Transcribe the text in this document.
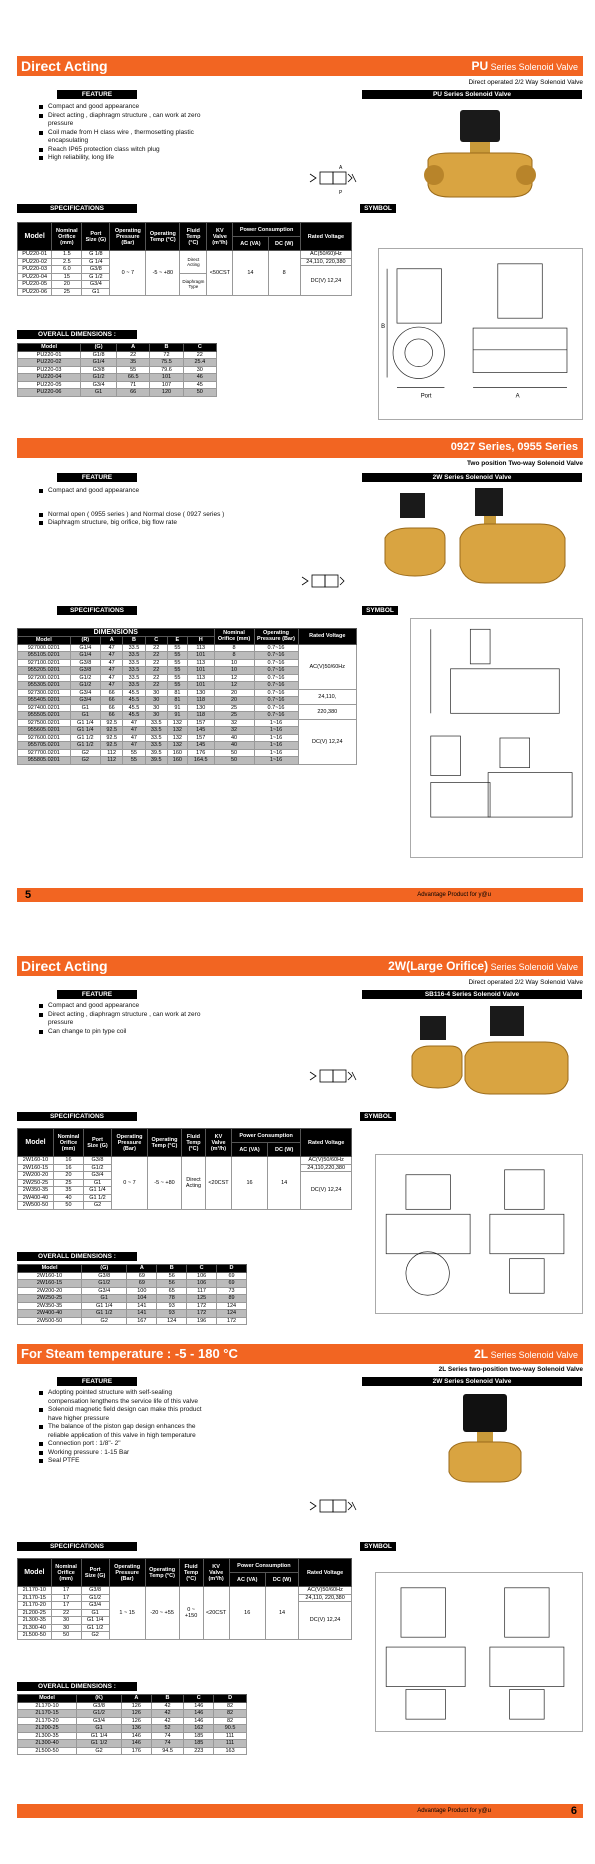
Direct Acting	PU Series Solenoid Valve
Direct operated 2/2 Way Solenoid Valve
FEATURE	PU Series Solenoid Valve
Compact and good appearance
Direct acting , diaphragm structure , can work at zero
pressure
Coil made from H class wire , thermosetting plastic
encapsulating
Reach IP65 protection class witch plug
High reliability, long life
A
P
SPECIFICATIONS	SYMBOL
Model	Nominal Orifice (mm)	Port Size (G)	Operating Pressure (Bar)	Operating Temp (°C)	Fluid Temp (°C)	KV Valve (m³/h)	Power Consumption		Rated Voltage
							AC (VA)	DC (W)	
PU220-01	1.5	G 1/8	0 ~ 7	-5 ~ +80	Direct Acting	<50CST	14	8	AC(50/60)Hz
PU220-02	2.5	G 1/4							24,110, 220,380
PU220-03	6.0	G3/8							DC(V) 12,24
PU220-04	15	G 1/2			Diaphragm Type				
PU220-05	20	G3/4							
PU220-06	25	G1							
OVERALL DIMENSIONS :
Model	(G)	A	B	C
PU220-01	G1/8	22	72	22
PU220-02	G1/4	35	75.5	25.4
PU220-03	G3/8	55	79.6	30
PU220-04	G1/2	66.5	101	46
PU220-05	G3/4	71	107	45
PU220-06	G1	66	120	50
Port	A
B
0927 Series, 0955 Series
Two position Two-way Solenoid Valve
FEATURE	2W Series Solenoid Valve
Compact and good appearance
Normal open ( 0955 series ) and Normal close ( 0927 series )
Diaphragm structure, big orifice, big flow rate
SPECIFICATIONS	SYMBOL
DIMENSIONS							Nominal Orifice (mm)	Operating Pressure (Bar)	Rated Voltage
Model	(R)	A	B	C	E	H			
927000.0201	G1/4	47	33.5	22	55	113	8	0.7~16	AC(V)50/60Hz
955105.0201	G1/4	47	33.5	22	55	101	8	0.7~16	
927100.0201	G3/8	47	33.5	22	55	113	10	0.7~16	
955205.0201	G3/8	47	33.5	22	55	101	10	0.7~16	
927200.0201	G1/2	47	33.5	22	55	113	12	0.7~16	
955305.0201	G1/2	47	33.5	22	55	101	12	0.7~16	
927300.0201	G3/4	66	45.5	30	81	130	20	0.7~16	24,110,
955405.0201	G3/4	66	45.5	30	81	118	20	0.7~16	
927400.0201	G1	66	45.5	30	91	130	25	0.7~16	220,380
955505.0201	G1	66	45.5	30	91	118	25	0.7~16	
927500.0201	G1 1/4	92.5	47	33.5	132	157	32	1~16	DC(V) 12,24
955605.0201	G1 1/4	92.5	47	33.5	132	145	32	1~16	
927600.0201	G1 1/2	92.5	47	33.5	132	157	40	1~16	
955705.0201	G1 1/2	92.5	47	33.5	132	145	40	1~16	
927700.0201	G2	112	55	39.5	160	176	50	1~16	
955805.0201	G2	112	55	39.5	160	164.5	50	1~16	
5	Advantage Product for y@u
Direct Acting	2W(Large Orifice) Series Solenoid Valve
Direct operated 2/2 Way Solenoid Valve
FEATURE	SB116-4 Series Solenoid Valve
Compact and good appearance
Direct acting , diaphragm structure , can work at zero
pressure
Can change to pin type coil
SPECIFICATIONS	SYMBOL
Model	Nominal Orifice (mm)	Port Size (G)	Operating Pressure (Bar)	Operating Temp (°C)	Fluid Temp (°C)	KV Valve (m³/h)	Power Consumption		Rated Voltage
							AC (VA)	DC (W)	
2W160-10	16	G3/8	0 ~ 7	-5 ~ +80	Direct Acting	<20CST	16	14	AC(V)50/60Hz
2W160-15	16	G1/2							24,110,220,380
2W200-20	20	G3/4							DC(V) 12,24
2W250-25	25	G1							
2W350-35	35	G1 1/4							
2W400-40	40	G1 1/2							
2W500-50	50	G2							
OVERALL DIMENSIONS :
Model	(G)	A	B	C	D
2W160-10	G3/8	69	56	106	69
2W160-15	G1/2	69	56	106	69
2W200-20	G3/4	100	65	117	73
2W250-25	G1	104	78	125	89
2W350-35	G1 1/4	141	93	172	124
2W400-40	G1 1/2	141	93	172	124
2W500-50	G2	167	124	196	172
For Steam temperature : -5 - 180 °C	2L Series Solenoid Valve
2L Series two-position two-way Solenoid Valve
FEATURE	2W Series Solenoid Valve
Adopting pointed structure with self-sealing
compensation lengthens the service life of this valve
Solenoid magnetic field design can make this product
have higher pressure
The balance of the piston gap design enhances the
reliable application of this valve in high temperature
Connection port : 1/8"- 2"
Working pressure : 1-15 Bar
Seal PTFE
SPECIFICATIONS	SYMBOL
Model	Nominal Orifice (mm)	Port Size (G)	Operating Pressure (Bar)	Operating Temp (°C)	Fluid Temp (°C)	KV Valve (m³/h)	Power Consumption		Rated Voltage
							AC (VA)	DC (W)	
2L170-10	17	G3/8	1 ~ 15	-20 ~ +55	0 ~ +150	<20CST	16	14	AC(V)50/60Hz
2L170-15	17	G1/2							24,110, 220,380
2L170-20	17	G3/4							DC(V) 12,24
2L200-25	22	G1							
2L300-35	30	G1 1/4							
2L300-40	30	G1 1/2							
2L500-50	50	G2							
OVERALL DIMENSIONS :
Model	(K)	A	B	C	D
2L170-10	G3/8	126	42	146	82
2L170-15	G1/2	126	42	146	82
2L170-20	G3/4	126	42	146	82
2L200-25	G1	136	52	162	90.5
2L300-35	G1 1/4	146	74	185	111
2L300-40	G1 1/2	146	74	185	111
2L500-50	G2	176	94.5	223	163
Advantage Product for y@u	6
